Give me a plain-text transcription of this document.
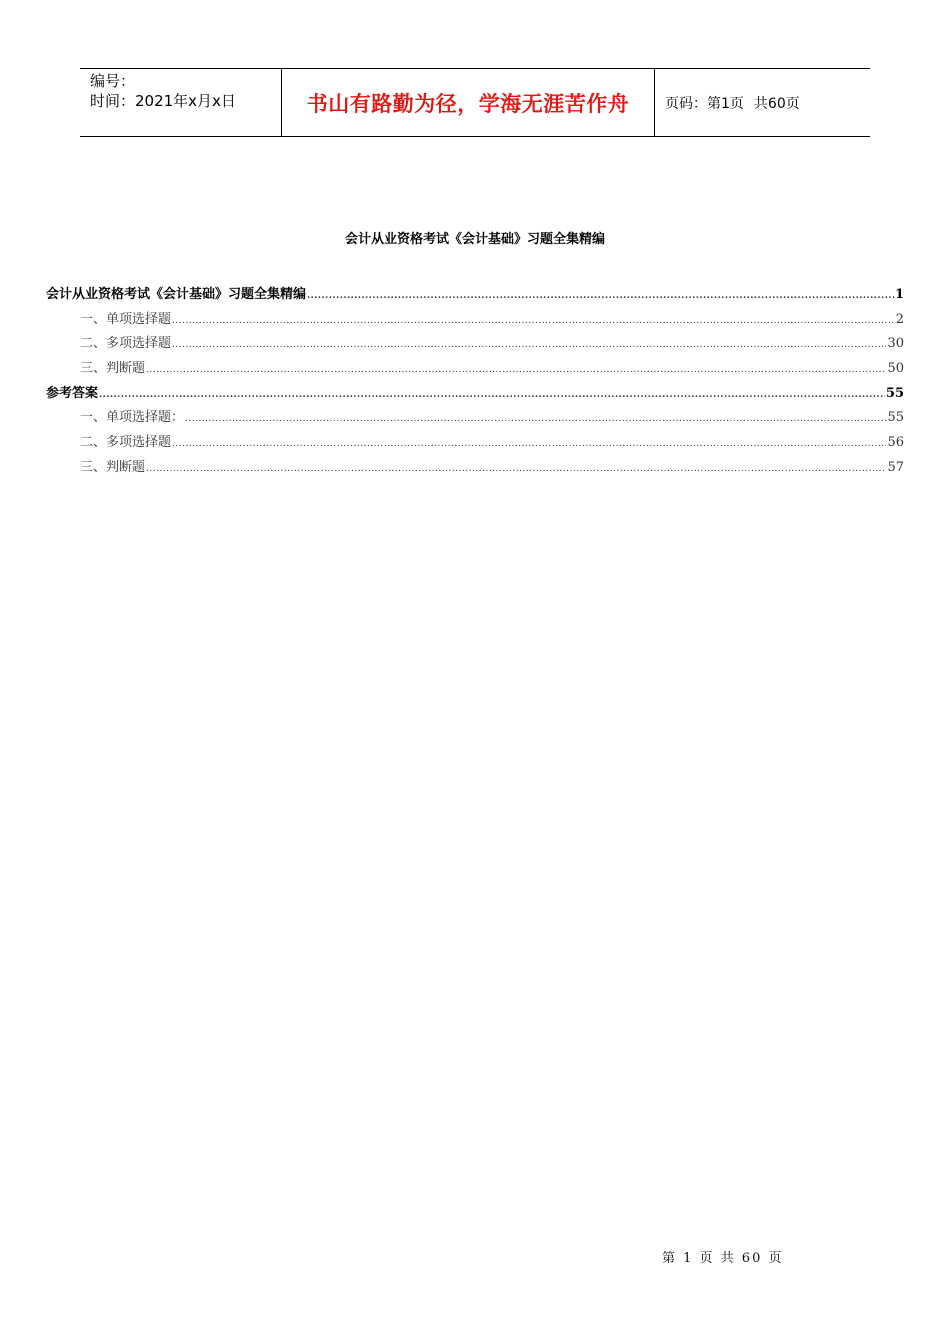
编号：
时间：2021年x月x日	书山有路勤为径，学海无涯苦作舟	页码：第1页 共60页
会计从业资格考试《会计基础》习题全集精编
会计从业资格考试《会计基础》习题全集精编 .....	1
一、单项选择题 .....	2
二、多项选择题 .....	30
三、判断题 .....	50
参考答案 .....	55
一、单项选择题： .....	55
二、多项选择题 .....	56
三、判断题 .....	57
第 1 页 共 60 页
